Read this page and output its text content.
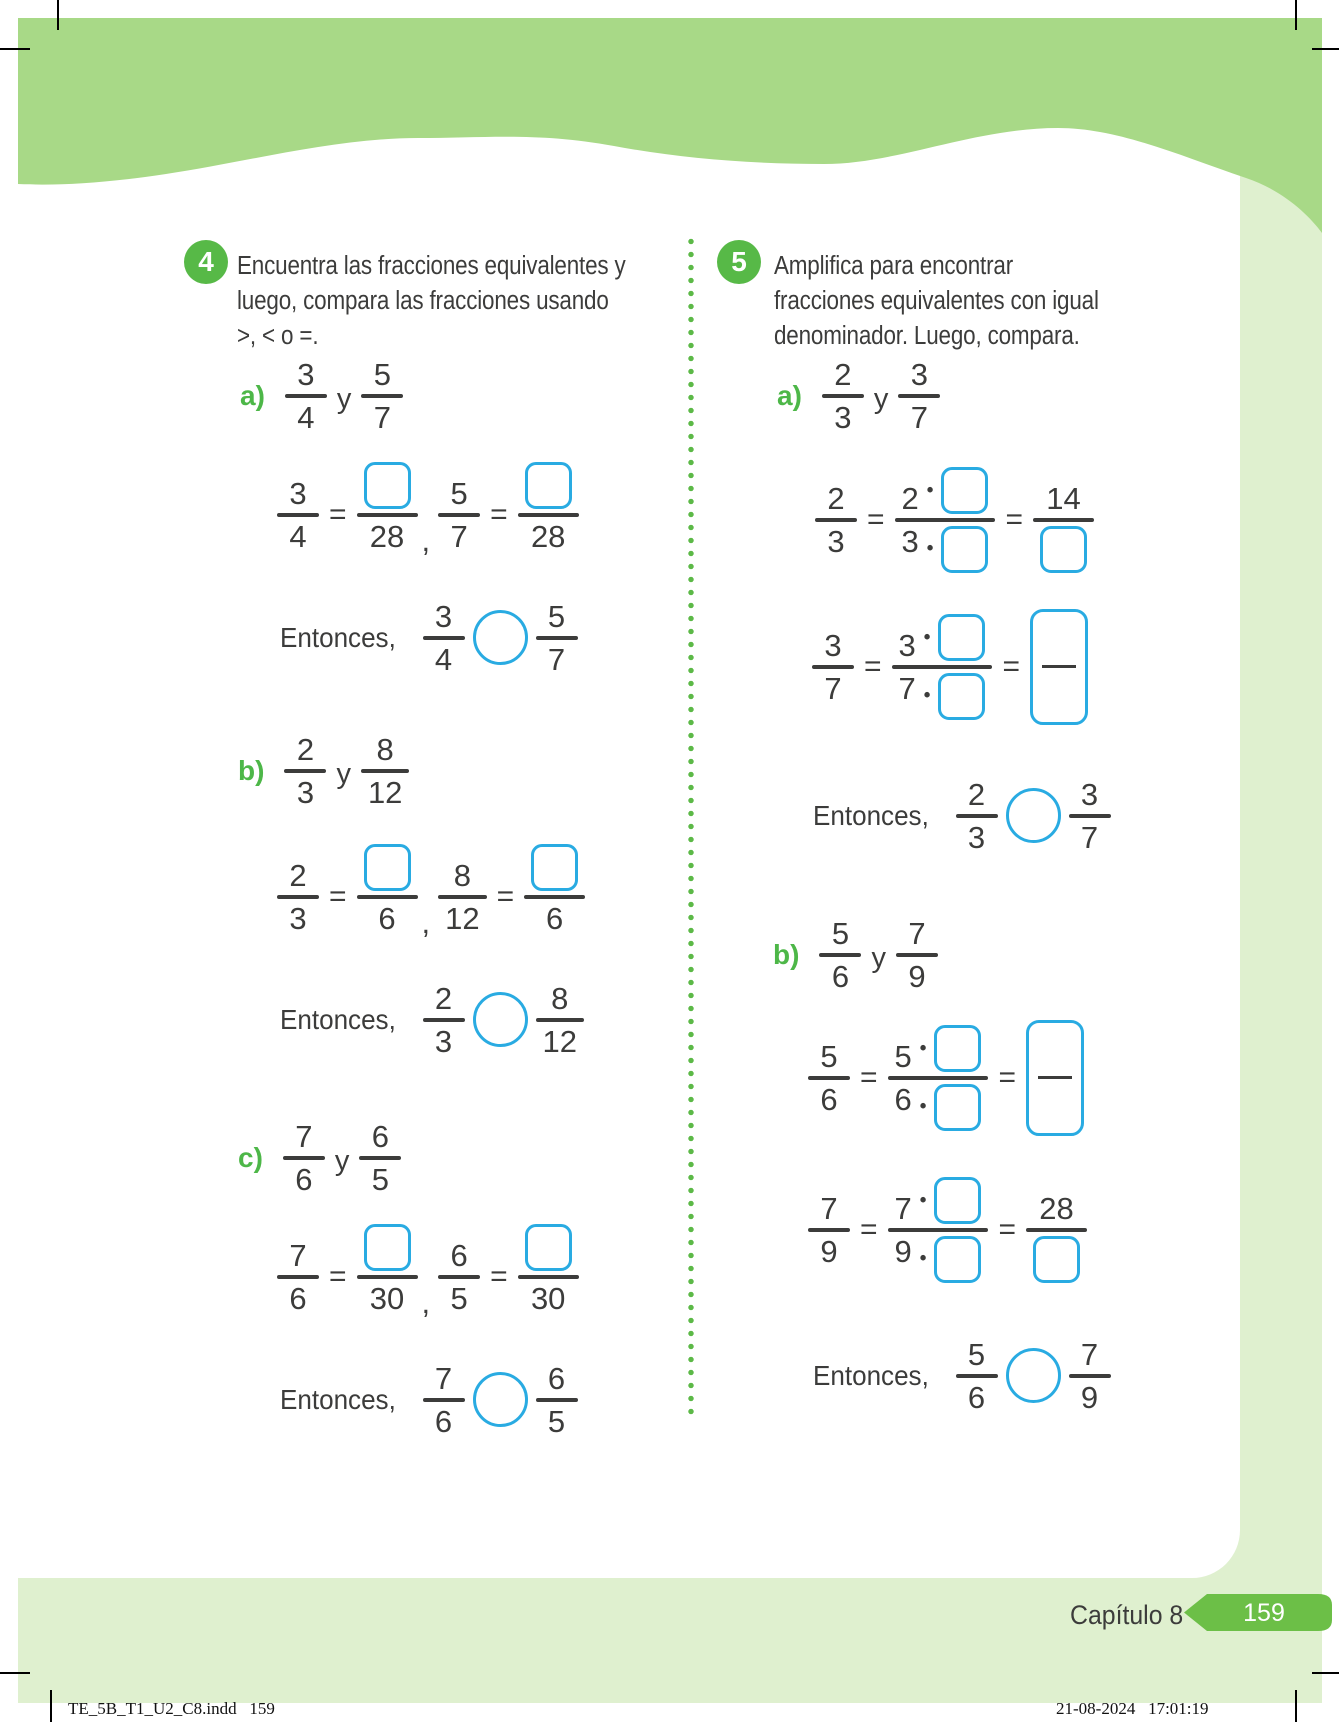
4 Encuentra las fracciones equivalentes y
luego, compara las fracciones usando
>, < o =.
$a) \frac{3}{4}$ y $\frac{5}{7}$
$\frac{3}{4}$ =
28 , $\frac{5}{7}$ =
28
Entonces, $\frac{3}{4} \frac{5}{7}$
$b) \frac{2}{3}$ y $\frac{8}{12}$
$\frac{2}{3}$ =
6 , $\frac{8}{12}$ =
6
Entonces, $\frac{2}{3} \frac{8}{12}$
$c) \frac{7}{6}$ y $\frac{6}{5}$
$\frac{7}{6}$ =
30 , $\frac{6}{5}$ =
30
Entonces, $\frac{7}{6} \frac{6}{5}$
5	Amplifica para encontrar
fracciones equivalentes con igual
denominador. Luego, compara.
$a) \frac{2}{3}$ y $\frac{3}{7}$
$\frac{2}{3} = \frac{2 •}{3 •}$ =
14
$\frac{3}{7} = \frac{3 •}{7 •}$ =
Entonces, $\frac{2}{3} \frac{3}{7}$
$b) \frac{5}{6}$ y $\frac{7}{9}$
$\frac{5}{6} = \frac{5 •}{6 •}$ =
$\frac{7}{9} = \frac{7 •}{9 •}$ =
28
Entonces, $\frac{5}{6} \frac{7}{9}$
Capítulo 8 159
TE_5B_T1_U2_C8.indd   159	21-08-2024   17:01:19
